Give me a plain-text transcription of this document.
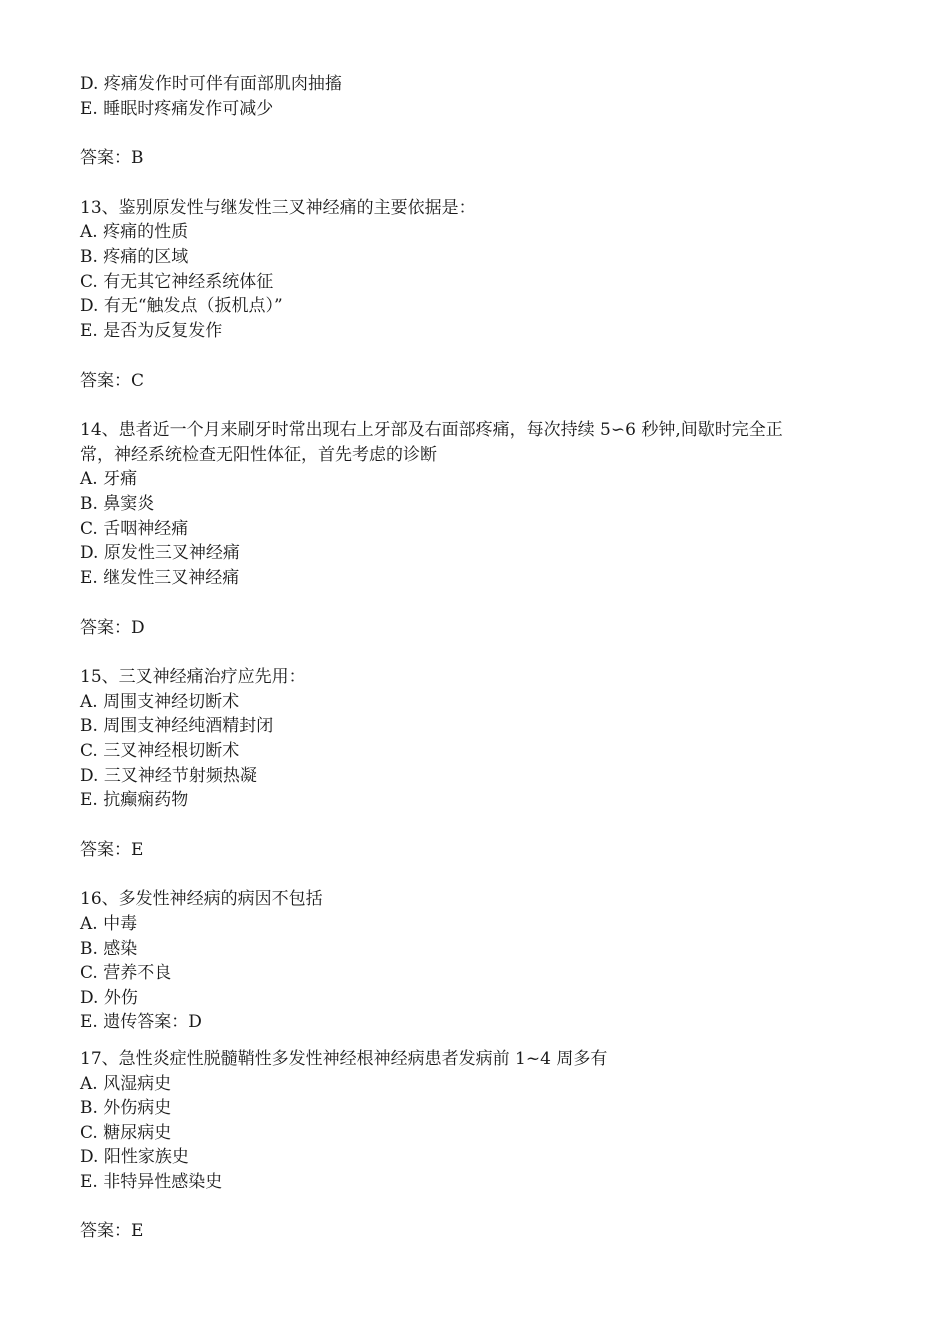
D. 疼痛发作时可伴有面部肌肉抽搐
E. 睡眠时疼痛发作可减少
答案：B
13、鉴别原发性与继发性三叉神经痛的主要依据是：
A. 疼痛的性质
B. 疼痛的区域
C. 有无其它神经系统体征
D. 有无“触发点（扳机点）”
E. 是否为反复发作
答案：C
14、患者近一个月来刷牙时常出现右上牙部及右面部疼痛，每次持续 5∽6 秒钟,间歇时完全正
常，神经系统检查无阳性体征，首先考虑的诊断
A. 牙痛
B. 鼻窦炎
C. 舌咽神经痛
D. 原发性三叉神经痛
E. 继发性三叉神经痛
答案：D
15、三叉神经痛治疗应先用：
A. 周围支神经切断术
B. 周围支神经纯酒精封闭
C. 三叉神经根切断术
D. 三叉神经节射频热凝
E. 抗癫痫药物
答案：E
16、多发性神经病的病因不包括
A. 中毒
B. 感染
C. 营养不良
D. 外伤
E. 遗传答案：D
17、急性炎症性脱髓鞘性多发性神经根神经病患者发病前 1~4 周多有
A. 风湿病史
B. 外伤病史
C. 糖尿病史
D. 阳性家族史
E. 非特异性感染史
答案：E
